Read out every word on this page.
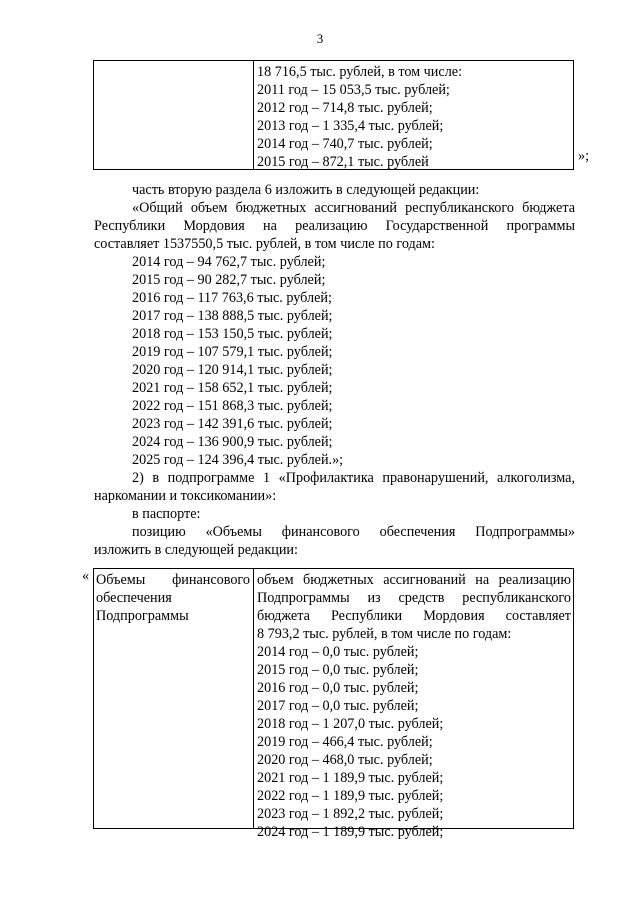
3
18 716,5 тыс. рублей, в том числе:
2011 год – 15 053,5 тыс. рублей;
2012 год – 714,8 тыс. рублей;
2013 год – 1 335,4 тыс. рублей;
2014 год – 740,7 тыс. рублей;
2015 год – 872,1 тыс. рублей	»;
часть вторую раздела 6 изложить в следующей редакции:
«Общий объем бюджетных ассигнований республиканского бюджета
Республики Мордовия на реализацию Государственной программы
составляет 1537550,5 тыс. рублей, в том числе по годам:
2014 год – 94 762,7 тыс. рублей;
2015 год – 90 282,7 тыс. рублей;
2016 год – 117 763,6 тыс. рублей;
2017 год – 138 888,5 тыс. рублей;
2018 год – 153 150,5 тыс. рублей;
2019 год – 107 579,1 тыс. рублей;
2020 год – 120 914,1 тыс. рублей;
2021 год – 158 652,1 тыс. рублей;
2022 год – 151 868,3 тыс. рублей;
2023 год – 142 391,6 тыс. рублей;
2024 год – 136 900,9 тыс. рублей;
2025 год – 124 396,4 тыс. рублей.»;
2) в подпрограмме 1 «Профилактика правонарушений, алкоголизма,
наркомании и токсикомании»:
в паспорте:
позицию «Объемы финансового обеспечения Подпрограммы»
изложить в следующей редакции:
« Объемы финансового
обеспечения
Подпрограммы
объем бюджетных ассигнований на реализацию
Подпрограммы из средств республиканского
бюджета Республики Мордовия составляет
8 793,2 тыс. рублей, в том числе по годам:
2014 год – 0,0 тыс. рублей;
2015 год – 0,0 тыс. рублей;
2016 год – 0,0 тыс. рублей;
2017 год – 0,0 тыс. рублей;
2018 год – 1 207,0 тыс. рублей;
2019 год – 466,4 тыс. рублей;
2020 год – 468,0 тыс. рублей;
2021 год – 1 189,9 тыс. рублей;
2022 год – 1 189,9 тыс. рублей;
2023 год – 1 892,2 тыс. рублей;
2024 год – 1 189,9 тыс. рублей;
